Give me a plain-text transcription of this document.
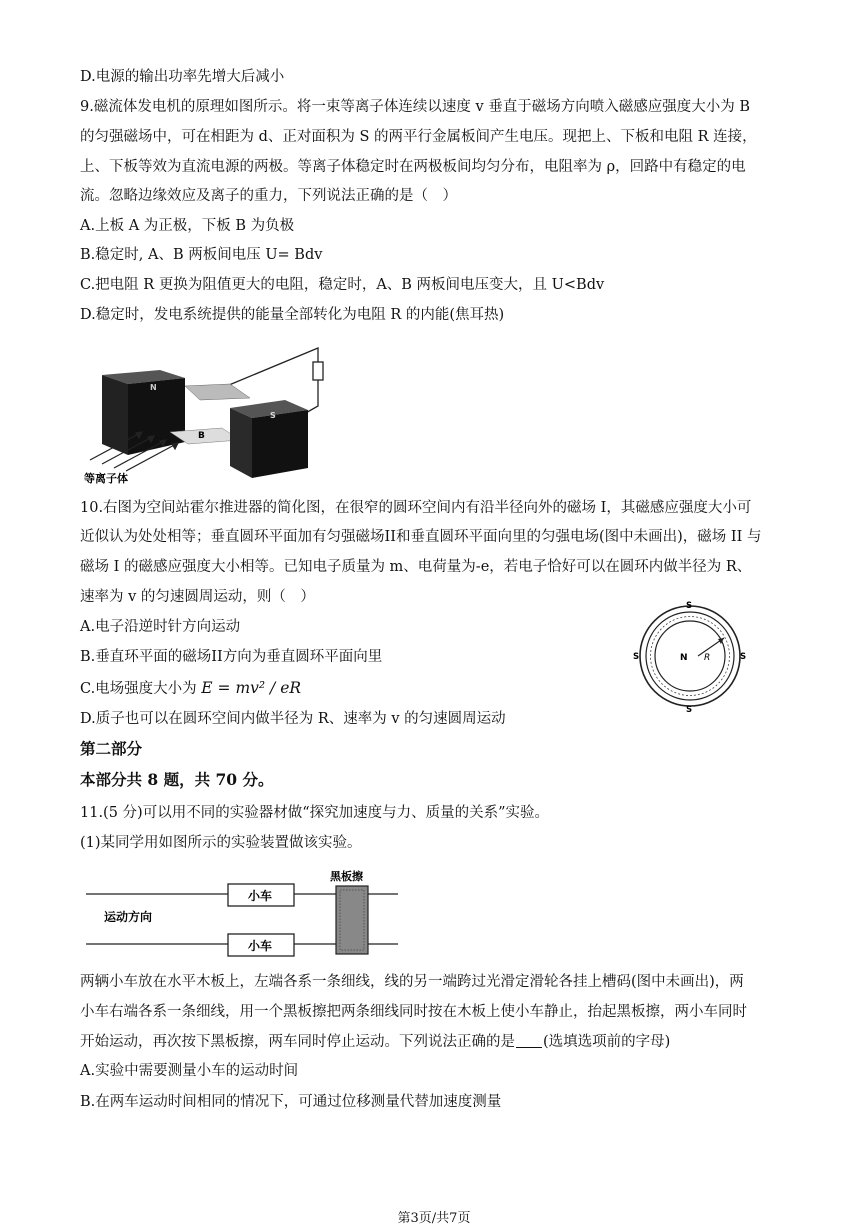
D.电源的输出功率先增大后减小
9.磁流体发电机的原理如图所示。将一束等离子体连续以速度 v 垂直于磁场方向喷入磁感应强度大小为 B
的匀强磁场中，可在相距为 d、正对面积为 S 的两平行金属板间产生电压。现把上、下板和电阻 R 连接，
上、下板等效为直流电源的两极。等离子体稳定时在两极板间均匀分布，电阻率为 ρ，回路中有稳定的电
流。忽略边缘效应及离子的重力，下列说法正确的是（　）
A.上板 A 为正极，下板 B 为负极
B.稳定时, A、B 两板间电压 U= Bdv
C.把电阻 R 更换为阻值更大的电阻，稳定时，A、B 两板间电压变大，且 U<Bdv
D.稳定时，发电系统提供的能量全部转化为电阻 R 的内能(焦耳热)
N
B
S
等离子体
10.右图为空间站霍尔推进器的简化图，在很窄的圆环空间内有沿半径向外的磁场 I，其磁感应强度大小可
近似认为处处相等；垂直圆环平面加有匀强磁场II和垂直圆环平面向里的匀强电场(图中未画出)，磁场 II 与
磁场 I 的磁感应强度大小相等。已知电子质量为 m、电荷量为-e，若电子恰好可以在圆环内做半径为 R、
速率为 v 的匀速圆周运动，则（　）
A.电子沿逆时针方向运动
B.垂直环平面的磁场II方向为垂直圆环平面向里
C.电场强度大小为 E = mv² / eR
D.质子也可以在圆环空间内做半径为 R、速率为 v 的匀速圆周运动
S
S
S	S
N R
第二部分
本部分共 8 题，共 70 分。
11.(5 分)可以用不同的实验器材做“探究加速度与力、质量的关系”实验。
(1)某同学用如图所示的实验装置做该实验。
小车
小车
黑板擦
运动方向
两辆小车放在水平木板上，左端各系一条细线，线的另一端跨过光滑定滑轮各挂上槽码(图中未画出)，两
小车右端各系一条细线，用一个黑板擦把两条细线同时按在木板上使小车静止，抬起黑板擦，两小车同时
开始运动，再次按下黑板擦，两车同时停止运动。下列说法正确的是 (选填选项前的字母)
A.实验中需要测量小车的运动时间
B.在两车运动时间相同的情况下，可通过位移测量代替加速度测量
第3页/共7页
